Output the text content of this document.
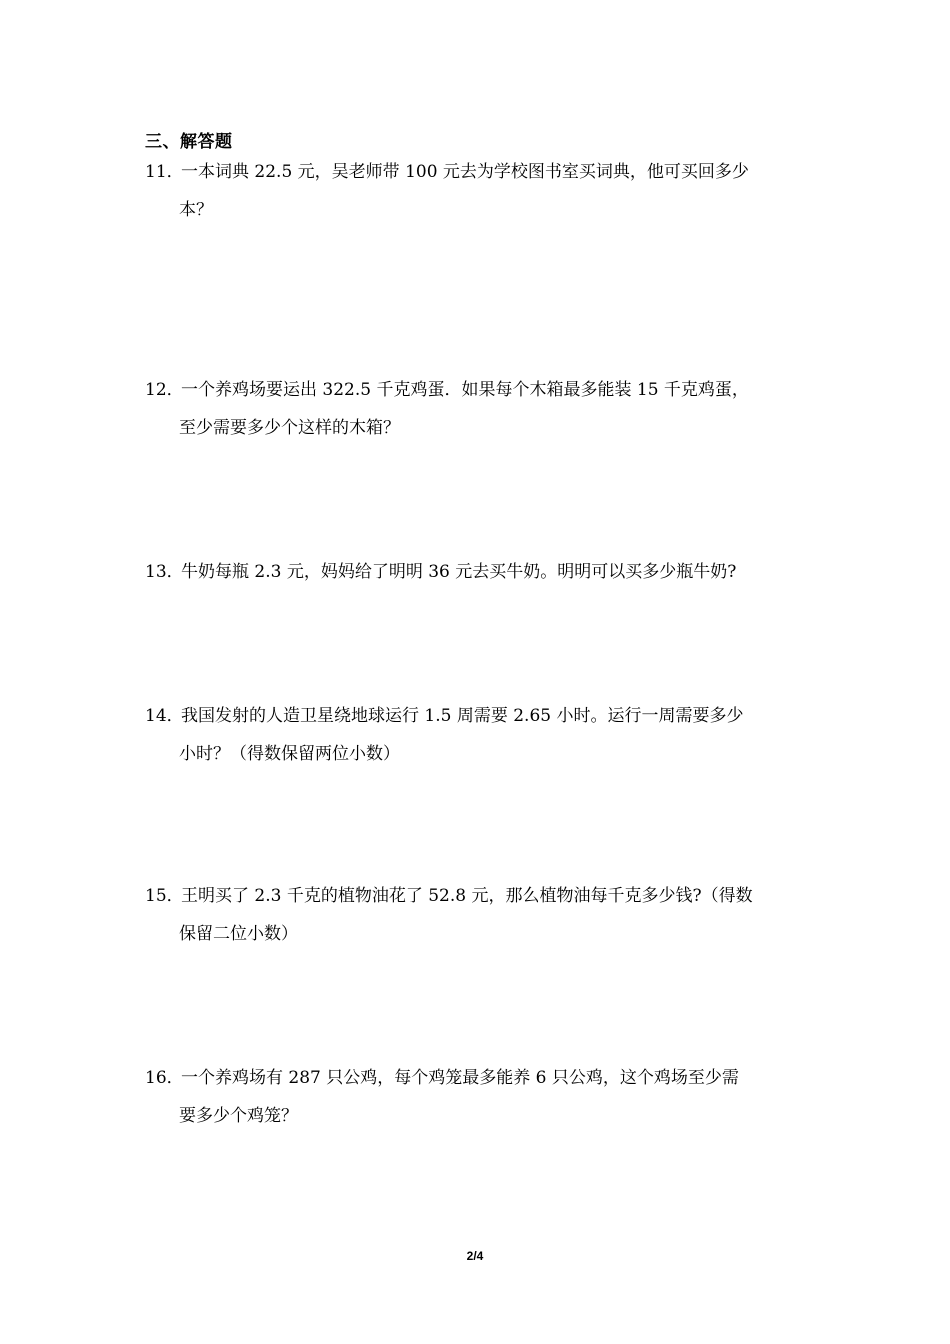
三、解答题
11．一本词典 22.5 元，吴老师带 100 元去为学校图书室买词典，他可买回多少
本？
12．一个养鸡场要运出 322.5 千克鸡蛋．如果每个木箱最多能装 15 千克鸡蛋，
至少需要多少个这样的木箱？
13．牛奶每瓶 2.3 元，妈妈给了明明 36 元去买牛奶。明明可以买多少瓶牛奶?
14．我国发射的人造卫星绕地球运行 1.5 周需要 2.65 小时。运行一周需要多少
小时？（得数保留两位小数）
15．王明买了 2.3 千克的植物油花了 52.8 元，那么植物油每千克多少钱?（得数
保留二位小数）
16．一个养鸡场有 287 只公鸡，每个鸡笼最多能养 6 只公鸡，这个鸡场至少需
要多少个鸡笼？
2/4
